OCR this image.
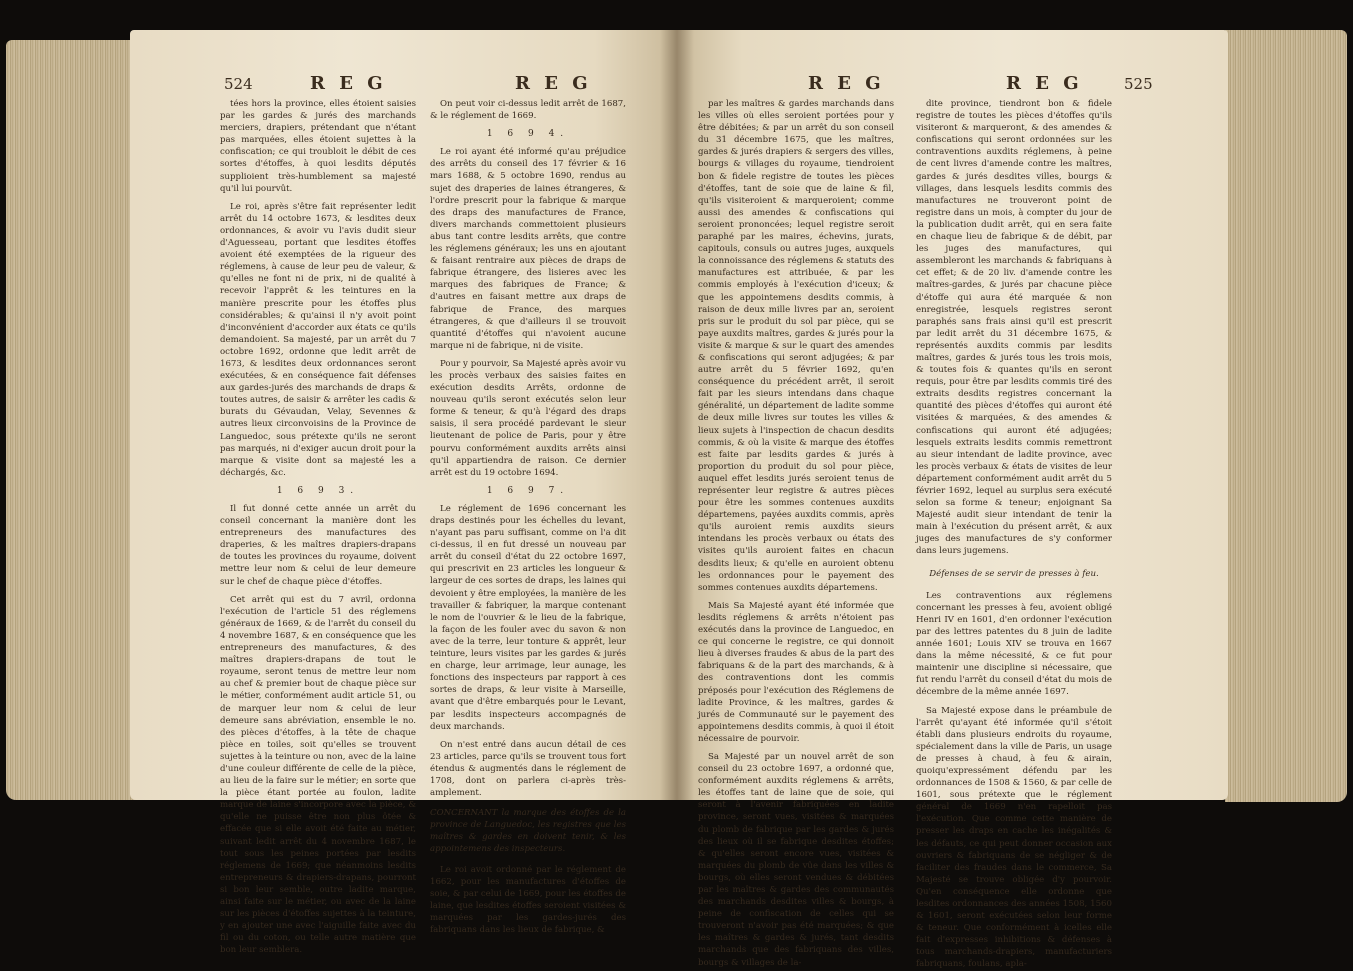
524	R E G	R E G

tées hors la province, elles étoient saisies par les gardes & jurés des marchands merciers, drapiers, prétendant que n'étant pas marquées, elles étoient sujettes à la confiscation; ce qui troubloit le débit de ces sortes d'étoffes, à quoi lesdits députés supplioient très-humblement sa majesté qu'il lui pourvût.

Le roi, après s'être fait représenter ledit arrêt du 14 octobre 1673, & lesdites deux ordonnances, & avoir vu l'avis dudit sieur d'Aguesseau, portant que lesdites étoffes avoient été exemptées de la rigueur des réglemens, à cause de leur peu de valeur, & qu'elles ne font ni de prix, ni de qualité à recevoir l'apprêt & les teintures en la manière prescrite pour les étoffes plus considérables; & qu'ainsi il n'y avoit point d'inconvénient d'accorder aux états ce qu'ils demandoient. Sa majesté, par un arrêt du 7 octobre 1692, ordonne que ledit arrêt de 1673, & lesdites deux ordonnances seront exécutées, & en conséquence fait défenses aux gardes-jurés des marchands de draps & toutes autres, de saisir & arrêter les cadis & burats du Gévaudan, Velay, Sevennes & autres lieux circonvoisins de la Province de Languedoc, sous prétexte qu'ils ne seront pas marqués, ni d'exiger aucun droit pour la marque & visite dont sa majesté les a déchargés, &c.

1 6 9 3.

Il fut donné cette année un arrêt du conseil concernant la manière dont les entrepreneurs des manufactures des draperies, & les maîtres drapiers-drapans de toutes les provinces du royaume, doivent mettre leur nom & celui de leur demeure sur le chef de chaque pièce d'étoffes.

Cet arrêt qui est du 7 avril, ordonna l'exécution de l'article 51 des réglemens généraux de 1669, & de l'arrêt du conseil du 4 novembre 1687, & en conséquence que les entrepreneurs des manufactures, & des maîtres drapiers-drapans de tout le royaume, seront tenus de mettre leur nom au chef & premier bout de chaque pièce sur le métier, conformément audit article 51, ou de marquer leur nom & celui de leur demeure sans abréviation, ensemble le no. des pièces d'étoffes, à la tête de chaque pièce en toiles, soit qu'elles se trouvent sujettes à la teinture ou non, avec de la laine d'une couleur différente de celle de la pièce, au lieu de la faire sur le métier; en sorte que la pièce étant portée au foulon, ladite marque de laine s'incorpore avec la pièce, & qu'elle ne puisse être non plus ôtée & effacée que si elle avoit été faite au métier, suivant ledit arrêt du 4 novembre 1687, le tout sous les peines portées par lesdits réglemens de 1669; que néanmoins lesdits entrepreneurs & drapiers-drapans, pourront si bon leur semble, outre ladite marque, ainsi faite sur le métier, ou avec de la laine sur les pièces d'étoffes sujettes à la teinture, y en ajouter une avec l'aiguille faite avec du fil ou du coton, ou telle autre matière que bon leur semblera.

On peut voir ci-dessus ledit arrêt de 1687, & le réglement de 1669.

1 6 9 4.

Le roi ayant été informé qu'au préjudice des arrêts du conseil des 17 février & 16 mars 1688, & 5 octobre 1690, rendus au sujet des draperies de laines étrangeres, & l'ordre prescrit pour la fabrique & marque des draps des manufactures de France, divers marchands commettoient plusieurs abus tant contre lesdits arrêts, que contre les réglemens généraux; les uns en ajoutant & faisant rentraire aux pièces de draps de fabrique étrangere, des lisieres avec les marques des fabriques de France; & d'autres en faisant mettre aux draps de fabrique de France, des marques étrangeres, & que d'ailleurs il se trouvoit quantité d'étoffes qui n'avoient aucune marque ni de fabrique, ni de visite.

Pour y pourvoir, Sa Majesté après avoir vu les procès verbaux des saisies faites en exécution desdits Arrêts, ordonne de nouveau qu'ils seront exécutés selon leur forme & teneur, & qu'à l'égard des draps saisis, il sera procédé pardevant le sieur lieutenant de police de Paris, pour y être pourvu conformément auxdits arrêts ainsi qu'il appartiendra de raison. Ce dernier arrêt est du 19 octobre 1694.

1 6 9 7.

Le réglement de 1696 concernant les draps destinés pour les échelles du levant, n'ayant pas paru suffisant, comme on l'a dit ci-dessus, il en fut dressé un nouveau par arrêt du conseil d'état du 22 octobre 1697, qui prescrivit en 23 articles les longueur & largeur de ces sortes de draps, les laines qui devoient y être employées, la manière de les travailler & fabriquer, la marque contenant le nom de l'ouvrier & le lieu de la fabrique, la façon de les fouler avec du savon & non avec de la terre, leur tonture & apprêt, leur teinture, leurs visites par les gardes & jurés en charge, leur arrimage, leur aunage, les fonctions des inspecteurs par rapport à ces sortes de draps, & leur visite à Marseille, avant que d'être embarqués pour le Levant, par lesdits inspecteurs accompagnés de deux marchands.

On n'est entré dans aucun détail de ces 23 articles, parce qu'ils se trouvent tous fort étendus & augmentés dans le réglement de 1708, dont on parlera ci-après très-amplement.

CONCERNANT la marque des étoffes de la province de Languedoc, les registres que les maîtres & gardes en doivent tenir, & les appointemens des inspecteurs.

Le roi avoit ordonné par le réglement de 1662, pour les manufactures d'étoffes de soie, & par celui de 1669, pour les étoffes de laine, que lesdites étoffes seroient visitées & marquées par les gardes-jurés des fabriquans dans les lieux de fabrique, &

R E G	R E G	525

par les maîtres & gardes marchands dans les villes où elles seroient portées pour y être débitées; & par un arrêt du son conseil du 31 décembre 1675, que les maîtres, gardes & jurés drapiers & sergers des villes, bourgs & villages du royaume, tiendroient bon & fidele registre de toutes les pièces d'étoffes, tant de soie que de laine & fil, qu'ils visiteroient & marqueroient; comme aussi des amendes & confiscations qui seroient prononcées; lequel registre seroit paraphé par les maires, échevins, jurats, capitouls, consuls ou autres juges, auxquels la connoissance des réglemens & statuts des manufactures est attribuée, & par les commis employés à l'exécution d'iceux; & que les appointemens desdits commis, à raison de deux mille livres par an, seroient pris sur le produit du sol par pièce, qui se paye auxdits maîtres, gardes & jurés pour la visite & marque & sur le quart des amendes & confiscations qui seront adjugées; & par autre arrêt du 5 février 1692, qu'en conséquence du précédent arrêt, il seroit fait par les sieurs intendans dans chaque généralité, un département de ladite somme de deux mille livres sur toutes les villes & lieux sujets à l'inspection de chacun desdits commis, & où la visite & marque des étoffes est faite par lesdits gardes & jurés à proportion du produit du sol pour pièce, auquel effet lesdits jurés seroient tenus de représenter leur registre & autres pièces pour être les sommes contenues auxdits départemens, payées auxdits commis, après qu'ils auroient remis auxdits sieurs intendans les procès verbaux ou états des visites qu'ils auroient faites en chacun desdits lieux; & qu'elle en auroient obtenu les ordonnances pour le payement des sommes contenues auxdits départemens.

Mais Sa Majesté ayant été informée que lesdits réglemens & arrêts n'étoient pas exécutés dans la province de Languedoc, en ce qui concerne le registre, ce qui donnoit lieu à diverses fraudes & abus de la part des fabriquans & de la part des marchands, & à des contraventions dont les commis préposés pour l'exécution des Réglemens de ladite Province, & les maîtres, gardes & jurés de Communauté sur le payement des appointemens desdits commis, à quoi il étoit nécessaire de pourvoir.

Sa Majesté par un nouvel arrêt de son conseil du 23 octobre 1697, a ordonné que, conformément auxdits réglemens & arrêts, les étoffes tant de laine que de soie, qui seront à l'avenir fabriquées en ladite province, seront vues, visitées & marquées du plomb de fabrique par les gardes & jurés des lieux où il se fabrique desdites étoffes; & qu'elles seront encore vues, visitées & marquées du plomb de vûe dans les villes & bourgs, où elles seront vendues & débitées par les maîtres & gardes des communautés des marchands desdites villes & bourgs, à peine de confiscation de celles qui se trouveront n'avoir pas été marquées; & que les maîtres & gardes & jurés, tant desdits marchands que des fabriquans des villes, bourgs & villages de la-

dite province, tiendront bon & fidele registre de toutes les pièces d'étoffes qu'ils visiteront & marqueront, & des amendes & confiscations qui seront ordonnées sur les contraventions auxdits réglemens, à peine de cent livres d'amende contre les maîtres, gardes & jurés desdites villes, bourgs & villages, dans lesquels lesdits commis des manufactures ne trouveront point de registre dans un mois, à compter du jour de la publication dudit arrêt, qui en sera faite en chaque lieu de fabrique & de débit, par les juges des manufactures, qui assembleront les marchands & fabriquans à cet effet; & de 20 liv. d'amende contre les maîtres-gardes, & jurés par chacune pièce d'étoffe qui aura été marquée & non enregistrée, lesquels registres seront paraphés sans frais ainsi qu'il est prescrit par ledit arrêt du 31 décembre 1675, & représentés auxdits commis par lesdits maîtres, gardes & jurés tous les trois mois, & toutes fois & quantes qu'ils en seront requis, pour être par lesdits commis tiré des extraits desdits registres concernant la quantité des pièces d'étoffes qui auront été visitées & marquées, & des amendes & confiscations qui auront été adjugées; lesquels extraits lesdits commis remettront au sieur intendant de ladite province, avec les procès verbaux & états de visites de leur département conformément audit arrêt du 5 février 1692, lequel au surplus sera exécuté selon sa forme & teneur; enjoignant Sa Majesté audit sieur intendant de tenir la main à l'exécution du présent arrêt, & aux juges des manufactures de s'y conformer dans leurs jugemens.

Défenses de se servir de presses à feu.

Les contraventions aux réglemens concernant les presses à feu, avoient obligé Henri IV en 1601, d'en ordonner l'exécution par des lettres patentes du 8 juin de ladite année 1601; Louis XIV se trouva en 1667 dans la même nécessité, & ce fut pour maintenir une discipline si nécessaire, que fut rendu l'arrêt du conseil d'état du mois de décembre de la même année 1697.

Sa Majesté expose dans le préambule de l'arrêt qu'ayant été informée qu'il s'étoit établi dans plusieurs endroits du royaume, spécialement dans la ville de Paris, un usage de presses à chaud, à feu & airain, quoiqu'expressément défendu par les ordonnances de 1508 & 1560, & par celle de 1601, sous prétexte que le réglement général de 1669 n'en rapelloit pas l'exécution. Que comme cette manière de presser les draps en cache les inégalités & les défauts, ce qui peut donner occasion aux ouvriers & fabriquans de se négliger & de faciliter des fraudes dans le commerce, Sa Majesté se trouve obligée d'y pourvoir. Qu'en conséquence elle ordonne que lesdites ordonnances des années 1508, 1560 & 1601, seront exécutées selon leur forme & teneur. Que conformément à icelles elle fait d'expresses inhibitions & défenses à tous marchands-drapiers, manufacturiers fabriquans, foulans, apla-
